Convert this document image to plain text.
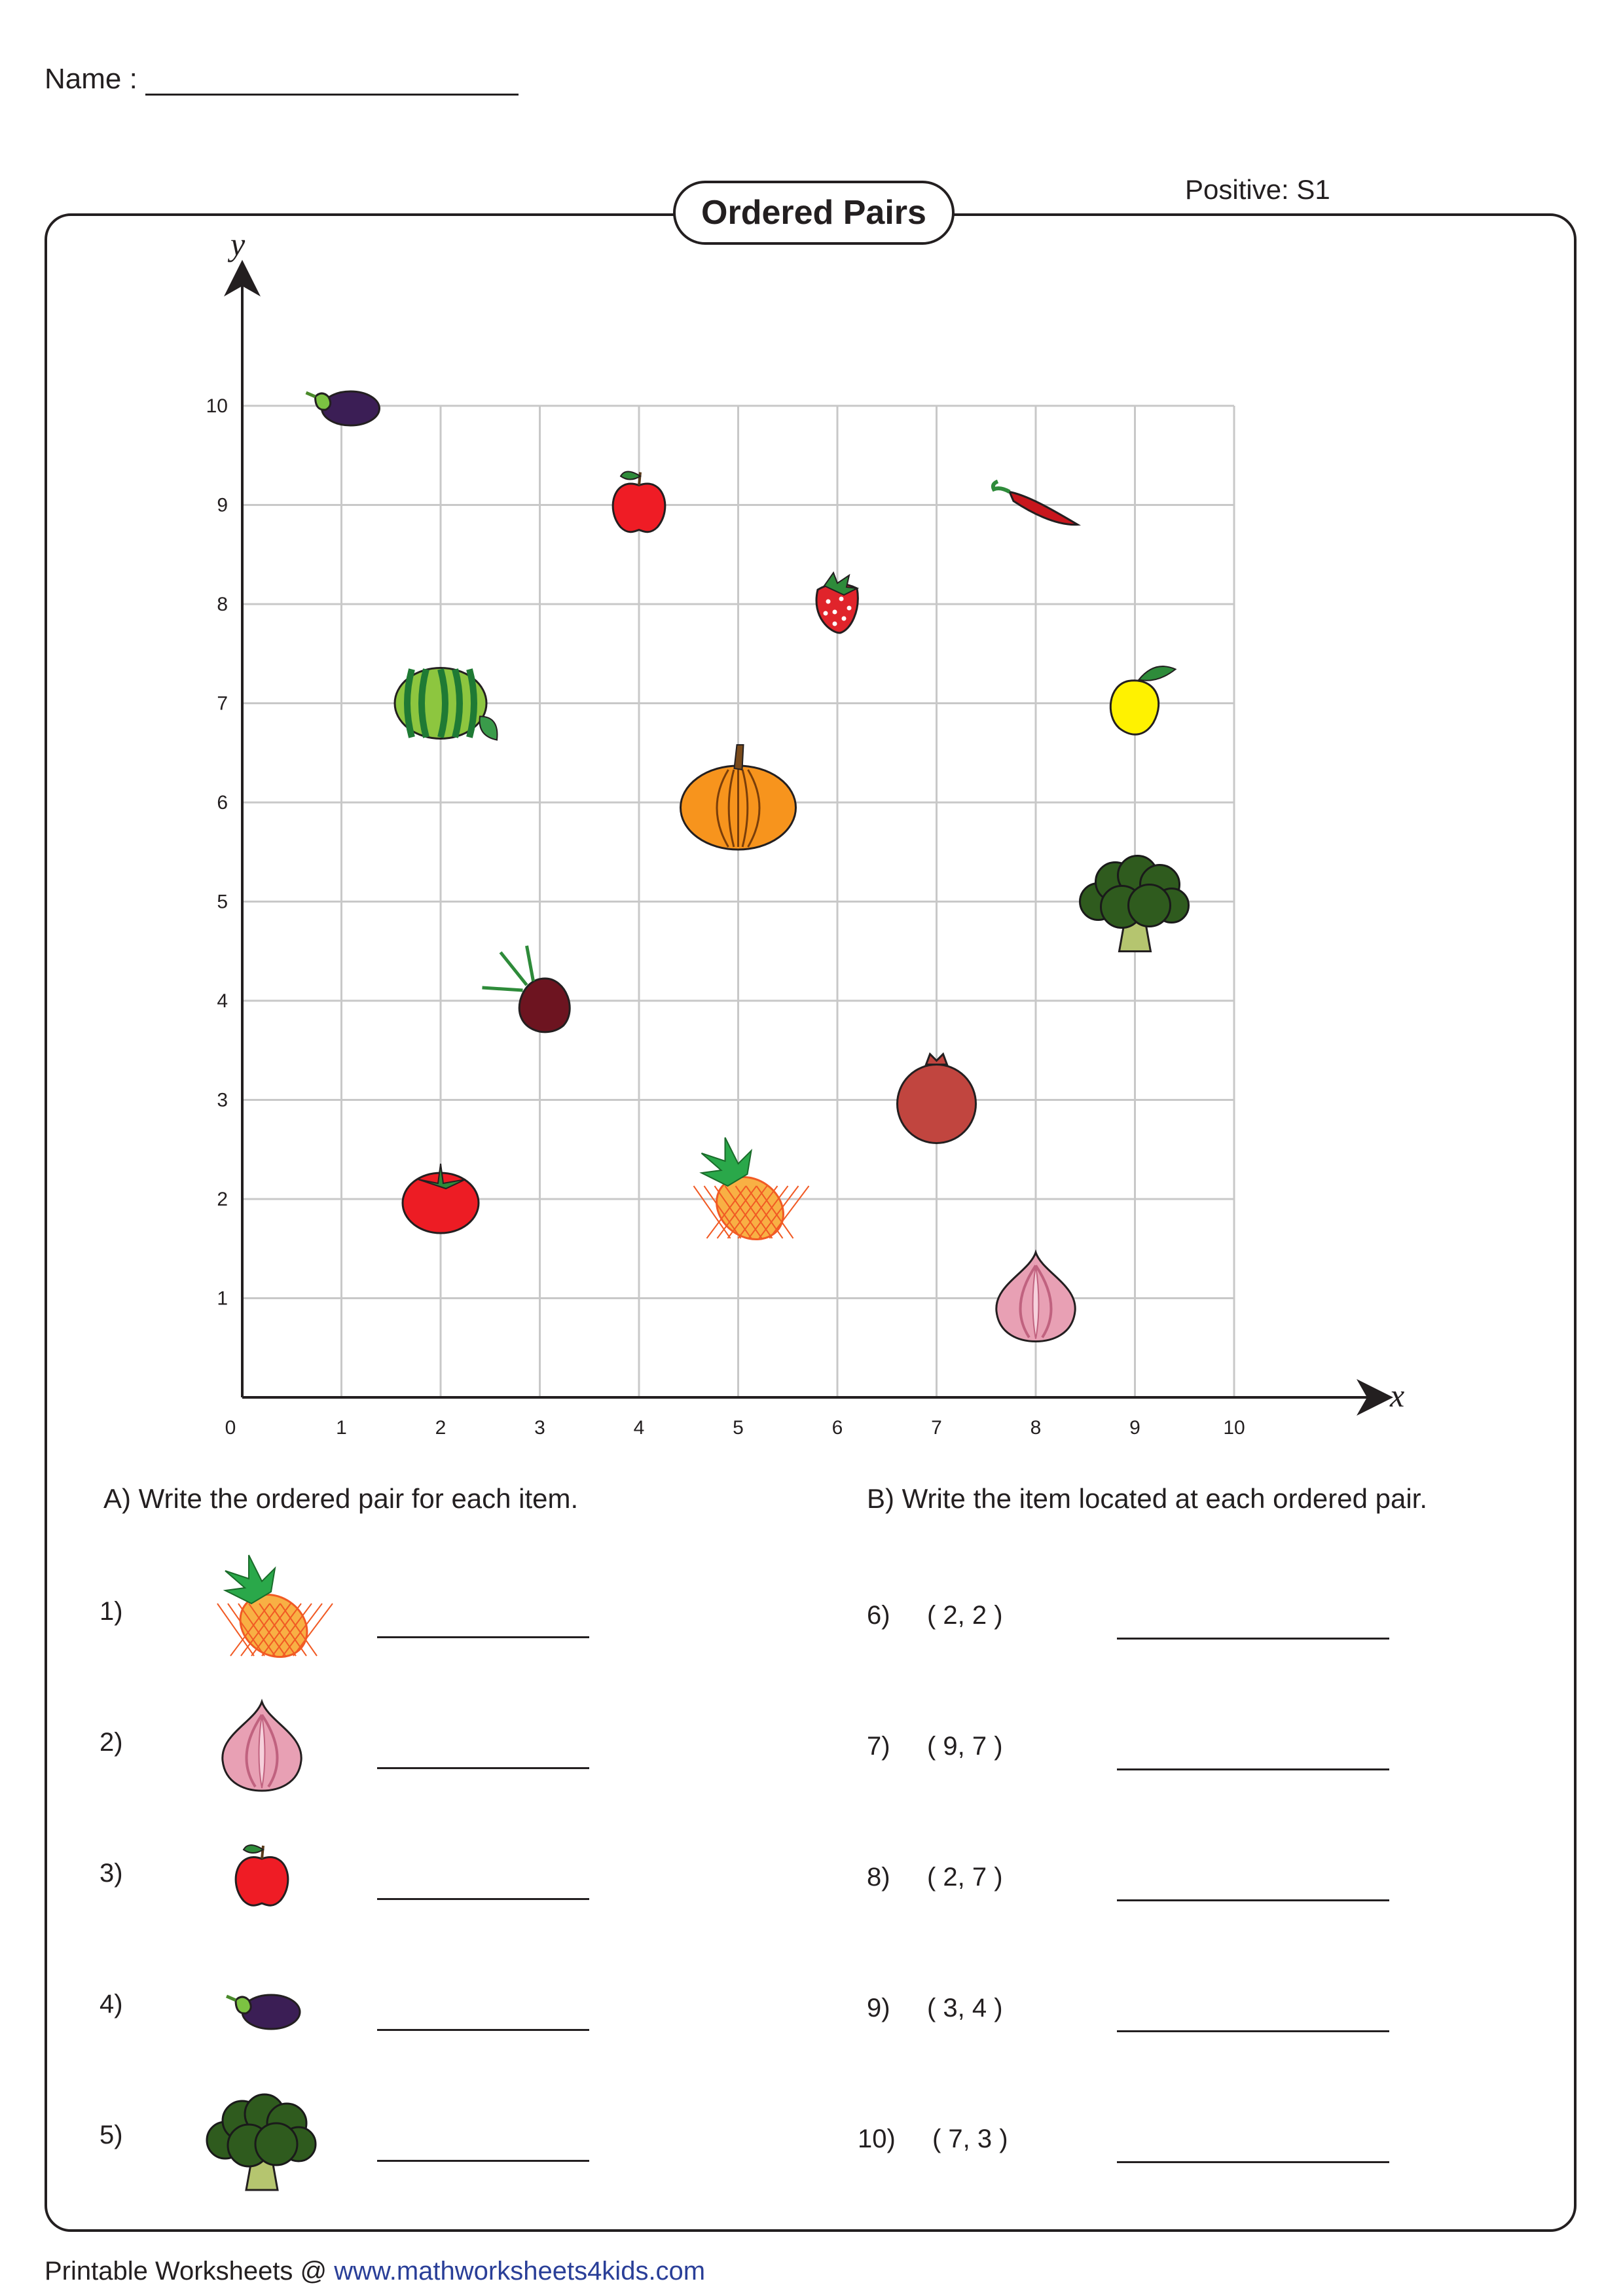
Name :
Ordered Pairs
Positive: S1
x
y
0	1	2	3	4	5	6	7	8	9	10
1
2
3
4
5
6
7
8
9
10
A) Write the ordered pair for each item.
1)
2)
3)
4)
5)
B) Write the item located at each ordered pair.
6) ( 2, 2 )
7) ( 9, 7 )
8) ( 2, 7 )
9) ( 3, 4 )
10) ( 7, 3 )
Printable Worksheets @ www.mathworksheets4kids.com
